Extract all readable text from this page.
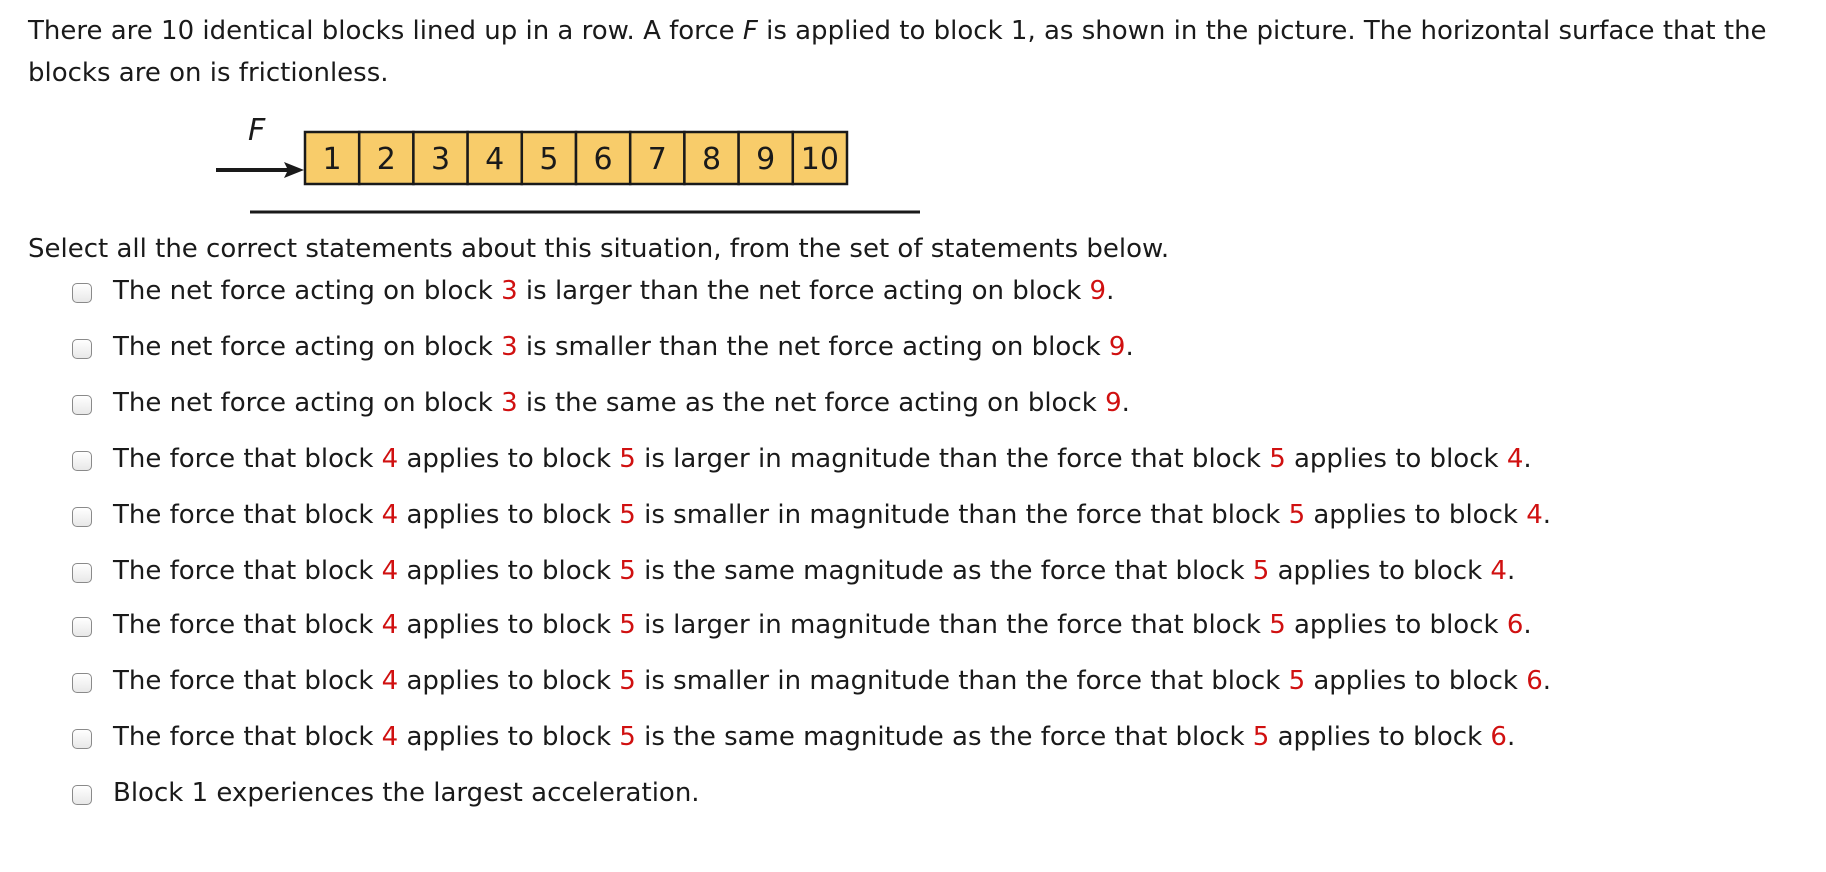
There are 10 identical blocks lined up in a row. A force F is applied to block 1, as shown in the picture. The horizontal surface that the blocks are on is frictionless.

F
1 2 3 4 5 6 7 8 9 10

Select all the correct statements about this situation, from the set of statements below.

The net force acting on block 3 is larger than the net force acting on block 9.
The net force acting on block 3 is smaller than the net force acting on block 9.
The net force acting on block 3 is the same as the net force acting on block 9.
The force that block 4 applies to block 5 is larger in magnitude than the force that block 5 applies to block 4.
The force that block 4 applies to block 5 is smaller in magnitude than the force that block 5 applies to block 4.
The force that block 4 applies to block 5 is the same magnitude as the force that block 5 applies to block 4.
The force that block 4 applies to block 5 is larger in magnitude than the force that block 5 applies to block 6.
The force that block 4 applies to block 5 is smaller in magnitude than the force that block 5 applies to block 6.
The force that block 4 applies to block 5 is the same magnitude as the force that block 5 applies to block 6.
Block 1 experiences the largest acceleration.
